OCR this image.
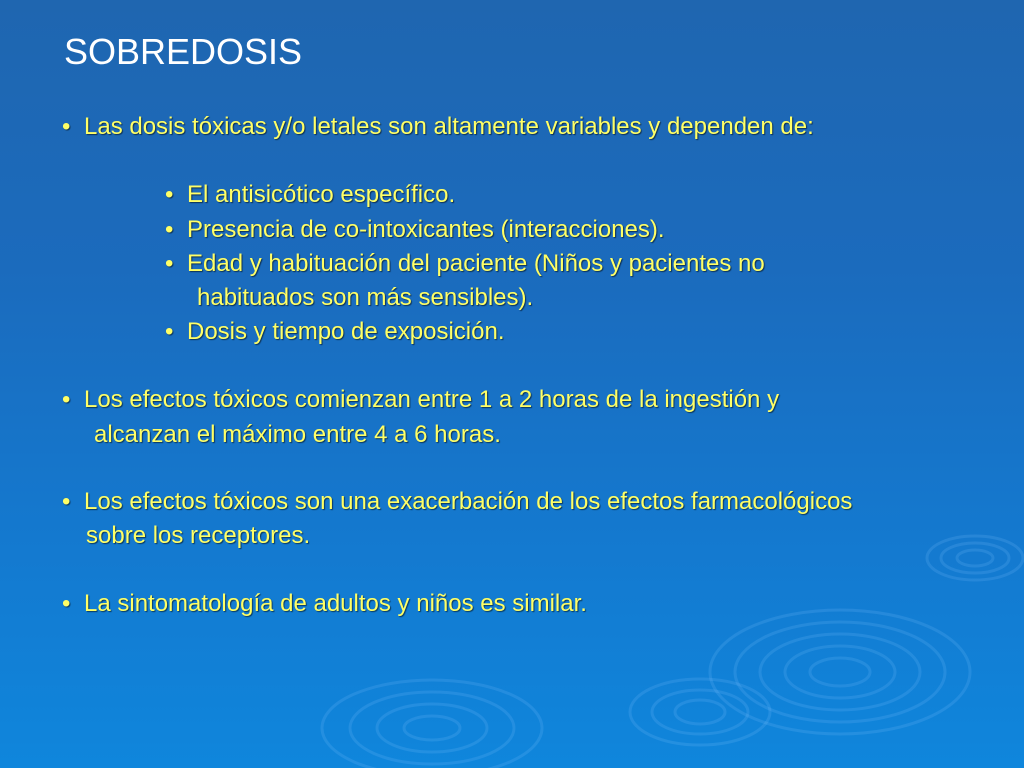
SOBREDOSIS
• Las dosis tóxicas y/o letales son altamente variables y dependen de:
• El antisicótico específico.
• Presencia de co-intoxicantes (interacciones).
• Edad y habituación del paciente (Niños y pacientes no
habituados son más sensibles).
• Dosis y tiempo de exposición.
• Los efectos tóxicos comienzan entre 1 a 2 horas de la ingestión y
alcanzan el máximo entre 4 a 6 horas.
• Los efectos tóxicos son una exacerbación de los efectos farmacológicos
sobre los receptores.
• La sintomatología de adultos y niños es similar.
